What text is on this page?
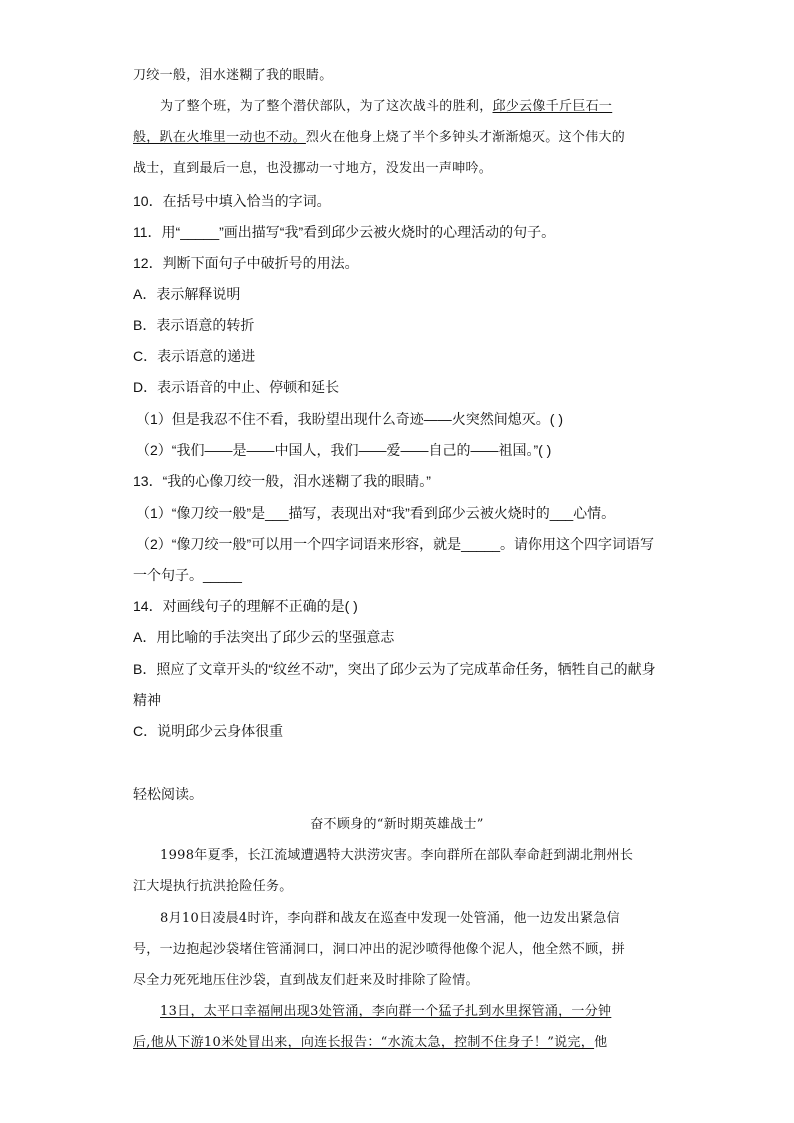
刀绞一般，泪水迷糊了我的眼睛。
为了整个班，为了整个潜伏部队，为了这次战斗的胜利，邱少云像千斤巨石一
般，趴在火堆里一动也不动。烈火在他身上烧了半个多钟头才渐渐熄灭。这个伟大的
战士，直到最后一息，也没挪动一寸地方，没发出一声呻吟。
10．在括号中填入恰当的字词。
11．用“_____”画出描写“我”看到邱少云被火烧时的心理活动的句子。
12．判断下面句子中破折号的用法。
A．表示解释说明
B．表示语意的转折
C．表示语意的递进
D．表示语音的中止、停顿和延长
（1）但是我忍不住不看，我盼望出现什么奇迹——火突然间熄灭。( )
（2）“我们——是——中国人，我们——爱——自己的——祖国。”( )
13．“我的心像刀绞一般，泪水迷糊了我的眼睛。”
（1）“像刀绞一般”是___描写，表现出对“我”看到邱少云被火烧时的___心情。
（2）“像刀绞一般”可以用一个四字词语来形容，就是_____。请你用这个四字词语写
一个句子。_____
14．对画线句子的理解不正确的是( )
A．用比喻的手法突出了邱少云的坚强意志
B．照应了文章开头的“纹丝不动”，突出了邱少云为了完成革命任务，牺牲自己的献身
精神
C．说明邱少云身体很重
轻松阅读。
奋不顾身的“新时期英雄战士”
1998年夏季，长江流域遭遇特大洪涝灾害。李向群所在部队奉命赶到湖北荆州长
江大堤执行抗洪抢险任务。
8月10日凌晨4时许，李向群和战友在巡查中发现一处管涌，他一边发出紧急信
号，一边抱起沙袋堵住管涌洞口，洞口冲出的泥沙喷得他像个泥人，他全然不顾，拼
尽全力死死地压住沙袋，直到战友们赶来及时排除了险情。
13日，太平口幸福闸出现3处管涌，李向群一个猛子扎到水里探管涌，一分钟
后,他从下游10米处冒出来，向连长报告：“水流太急，控制不住身子！”说完，他
